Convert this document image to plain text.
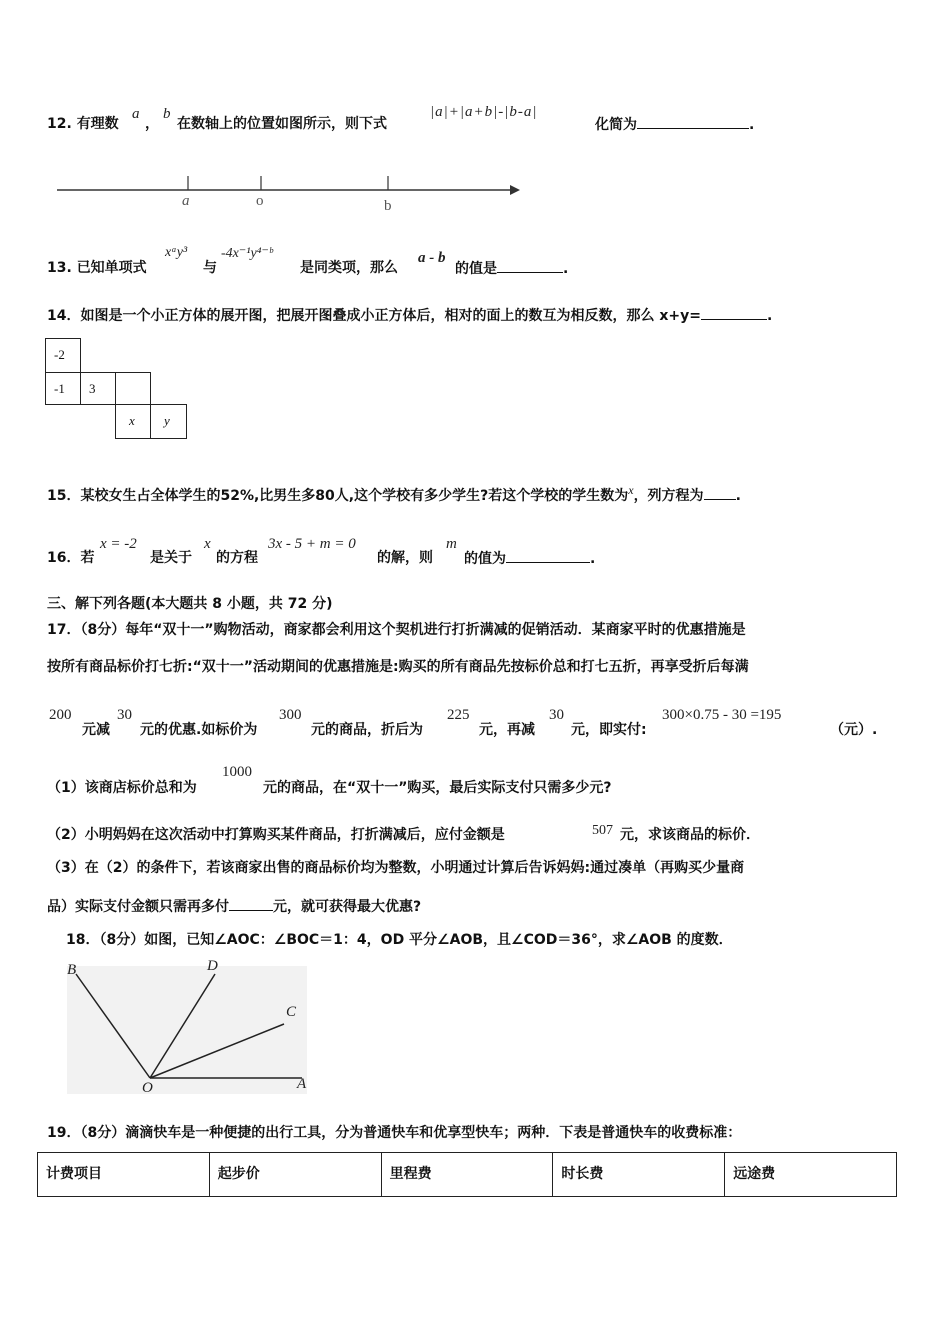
12. 有理数
a
，
b
在数轴上的位置如图所示，则下式
|a|+|a+b|-|b-a|
化简为	.
a	o	b
13. 已知单项式
xᵃy³
与
-4x⁻¹y⁴⁻ᵇ
是同类项，那么
a - b
的值是	.
14．如图是一个小正方体的展开图，把展开图叠成小正方体后，相对的面上的数互为相反数，那么 x+y=	.
-2
-1 3
x y
15．某校女生占全体学生的52%,比男生多80人,这个学校有多少学生?若这个学校的学生数为x，列方程为 .
16．若
x = -2
是关于
x
的方程
3x - 5 + m = 0
的解，则
m
的值为	.
三、解下列各题(本大题共 8 小题，共 72 分)
17．（8分）每年“双十一”购物活动，商家都会利用这个契机进行打折满减的促销活动．某商家平时的优惠措施是
按所有商品标价打七折:“双十一”活动期间的优惠措施是:购买的所有商品先按标价总和打七五折，再享受折后每满
200
元减
30
元的优惠.如标价为
300
元的商品，折后为
225
元，再减
30
元，即实付:
300×0.75 - 30 =195
（元）.
（1）该商店标价总和为
1000
元的商品，在“双十一”购买，最后实际支付只需多少元?
（2）小明妈妈在这次活动中打算购买某件商品，打折满减后，应付金额是	507 元，求该商品的标价．
（3）在（2）的条件下，若该商家出售的商品标价均为整数，小明通过计算后告诉妈妈:通过凑单（再购买少量商
品）实际支付金额只需再多付	元，就可获得最大优惠?
18．（8分）如图，已知∠AOC：∠BOC＝1：4，OD 平分∠AOB，且∠COD＝36°，求∠AOB 的度数．
B	D
C
O	A
19．（8分）滴滴快车是一种便捷的出行工具，分为普通快车和优享型快车；两种．下表是普通快车的收费标准：
计费项目	起步价	里程费	时长费	远途费
